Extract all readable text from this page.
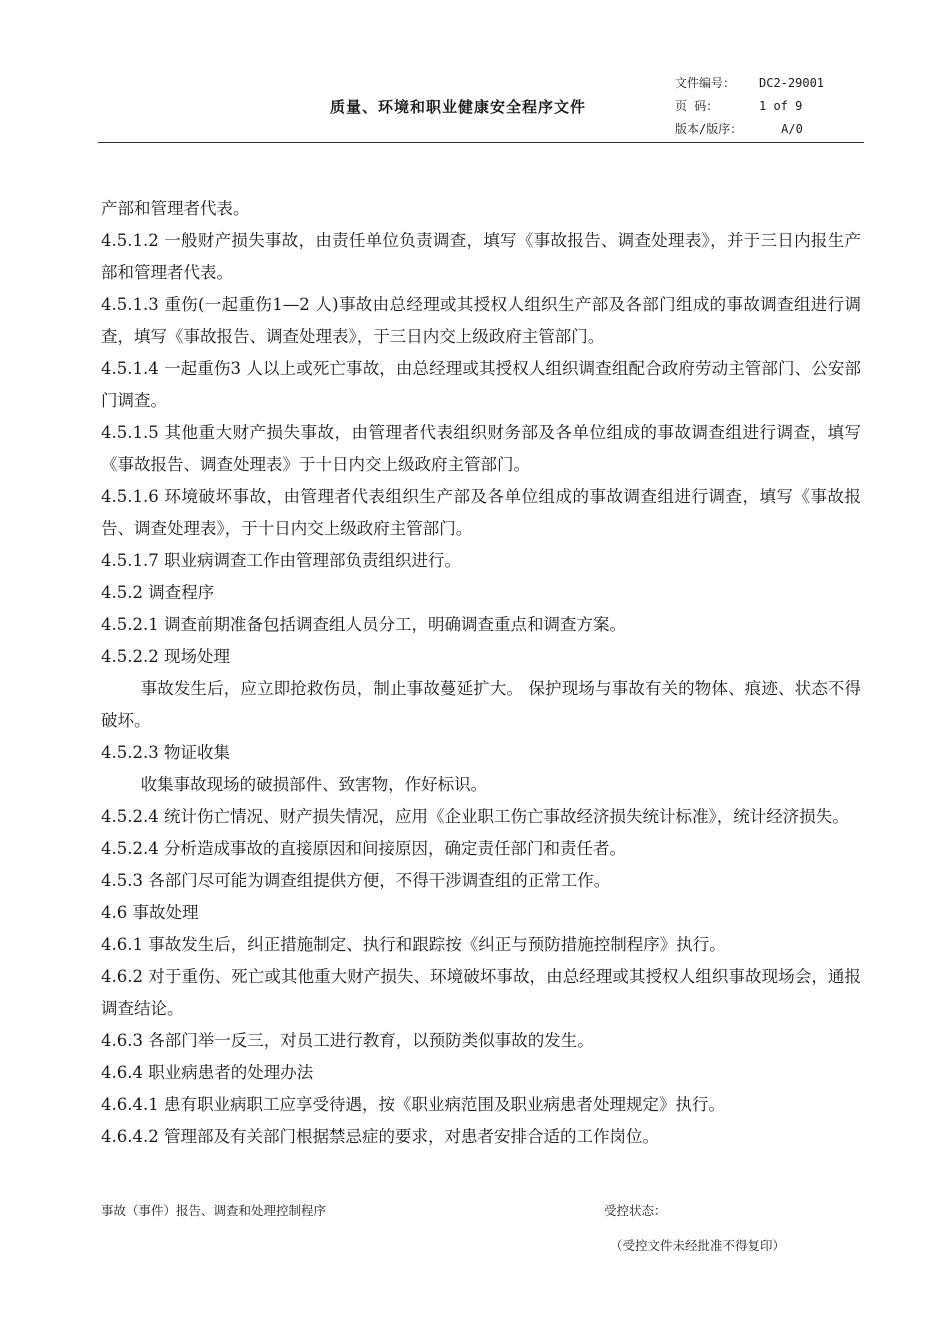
质量、环境和职业健康安全程序文件
文件编号：	DC2-29001
页 码：	1 of 9
版本/版序：	A/0

产部和管理者代表。

4.5.1.2 一般财产损失事故，由责任单位负责调查，填写《事故报告、调查处理表》，并于三日内报生产部和管理者代表。

4.5.1.3 重伤(一起重伤1—2 人)事故由总经理或其授权人组织生产部及各部门组成的事故调查组进行调查，填写《事故报告、调查处理表》，于三日内交上级政府主管部门。

4.5.1.4 一起重伤3 人以上或死亡事故，由总经理或其授权人组织调查组配合政府劳动主管部门、公安部门调查。

4.5.1.5 其他重大财产损失事故，由管理者代表组织财务部及各单位组成的事故调查组进行调查，填写《事故报告、调查处理表》于十日内交上级政府主管部门。

4.5.1.6 环境破坏事故，由管理者代表组织生产部及各单位组成的事故调查组进行调查，填写《事故报告、调查处理表》，于十日内交上级政府主管部门。

4.5.1.7 职业病调查工作由管理部负责组织进行。

4.5.2 调查程序

4.5.2.1 调查前期准备包括调查组人员分工，明确调查重点和调查方案。

4.5.2.2 现场处理

事故发生后，应立即抢救伤员，制止事故蔓延扩大。 保护现场与事故有关的物体、痕迹、状态不得破坏。

4.5.2.3 物证收集

收集事故现场的破损部件、致害物，作好标识。

4.5.2.4 统计伤亡情况、财产损失情况，应用《企业职工伤亡事故经济损失统计标准》，统计经济损失。

4.5.2.4 分析造成事故的直接原因和间接原因，确定责任部门和责任者。

4.5.3 各部门尽可能为调查组提供方便，不得干涉调查组的正常工作。

4.6 事故处理

4.6.1 事故发生后，纠正措施制定、执行和跟踪按《纠正与预防措施控制程序》执行。

4.6.2 对于重伤、死亡或其他重大财产损失、环境破坏事故，由总经理或其授权人组织事故现场会，通报调查结论。

4.6.3 各部门举一反三，对员工进行教育，以预防类似事故的发生。

4.6.4 职业病患者的处理办法

4.6.4.1 患有职业病职工应享受待遇，按《职业病范围及职业病患者处理规定》执行。

4.6.4.2 管理部及有关部门根据禁忌症的要求，对患者安排合适的工作岗位。

事故（事件）报告、调查和处理控制程序	受控状态：
（受控文件未经批准不得复印）
